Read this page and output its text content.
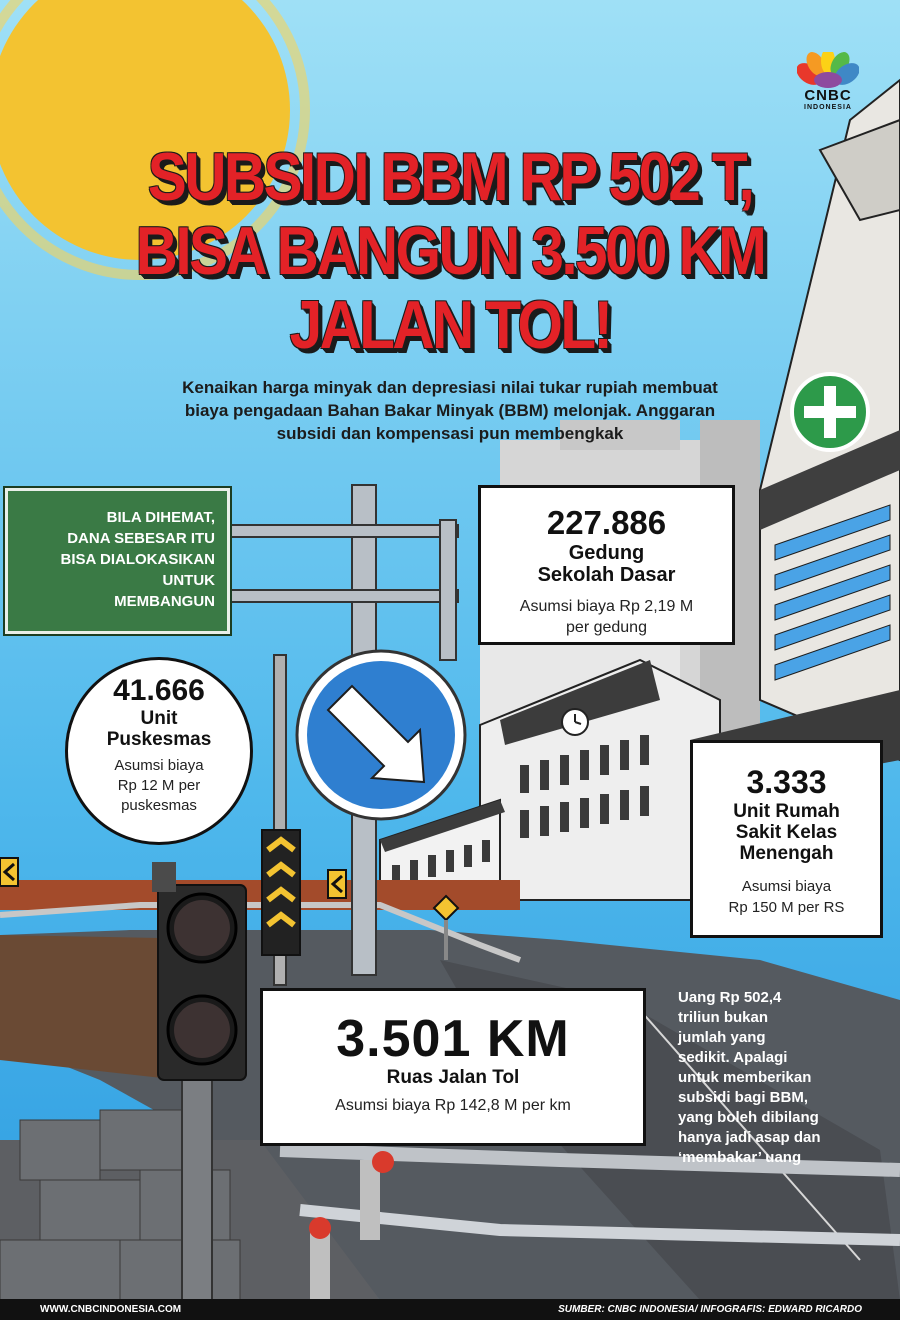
CNBC
INDONESIA
SUBSIDI BBM RP 502 T,
BISA BANGUN 3.500 KM
JALAN TOL!
Kenaikan harga minyak dan depresiasi nilai tukar rupiah membuat
biaya pengadaan Bahan Bakar Minyak (BBM) melonjak. Anggaran
subsidi dan kompensasi pun membengkak
BILA DIHEMAT,
DANA SEBESAR ITU
BISA DIALOKASIKAN
UNTUK
MEMBANGUN
227.886
Gedung
Sekolah Dasar
Asumsi biaya Rp 2,19 M
per gedung
41.666
Unit
Puskesmas
Asumsi biaya
Rp 12 M per
puskesmas
3.333
Unit Rumah
Sakit Kelas
Menengah
Asumsi biaya
Rp 150 M per RS
3.501 KM
Ruas Jalan Tol
Asumsi biaya Rp 142,8 M per km
Uang Rp 502,4
triliun bukan
jumlah yang
sedikit. Apalagi
untuk memberikan
subsidi bagi BBM,
yang boleh dibilang
hanya jadi asap dan
‘membakar’ uang
WWW.CNBCINDONESIA.COM	SUMBER: CNBC INDONESIA/ INFOGRAFIS: EDWARD RICARDO
